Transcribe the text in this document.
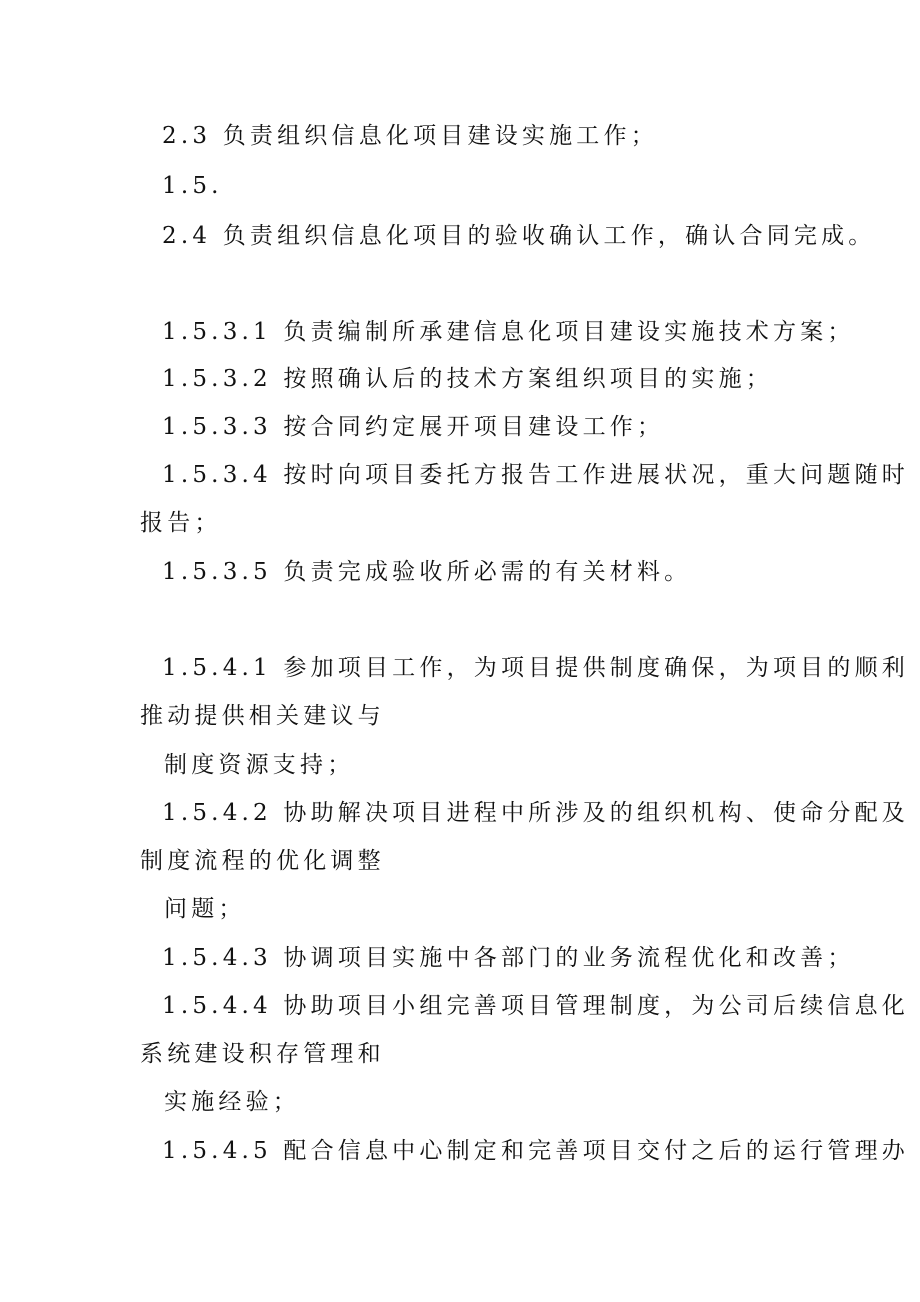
2.3 负责组织信息化项目建设实施工作；
1.5.
2.4 负责组织信息化项目的验收确认工作，确认合同完成。
1.5.3.1 负责编制所承建信息化项目建设实施技术方案；
1.5.3.2 按照确认后的技术方案组织项目的实施；
1.5.3.3 按合同约定展开项目建设工作；
1.5.3.4 按时向项目委托方报告工作进展状况，重大问题随时
报告；
1.5.3.5 负责完成验收所必需的有关材料。
1.5.4.1 参加项目工作，为项目提供制度确保，为项目的顺利
推动提供相关建议与
制度资源支持；
1.5.4.2 协助解决项目进程中所涉及的组织机构、使命分配及
制度流程的优化调整
问题；
1.5.4.3 协调项目实施中各部门的业务流程优化和改善；
1.5.4.4 协助项目小组完善项目管理制度，为公司后续信息化
系统建设积存管理和
实施经验；
1.5.4.5 配合信息中心制定和完善项目交付之后的运行管理办
